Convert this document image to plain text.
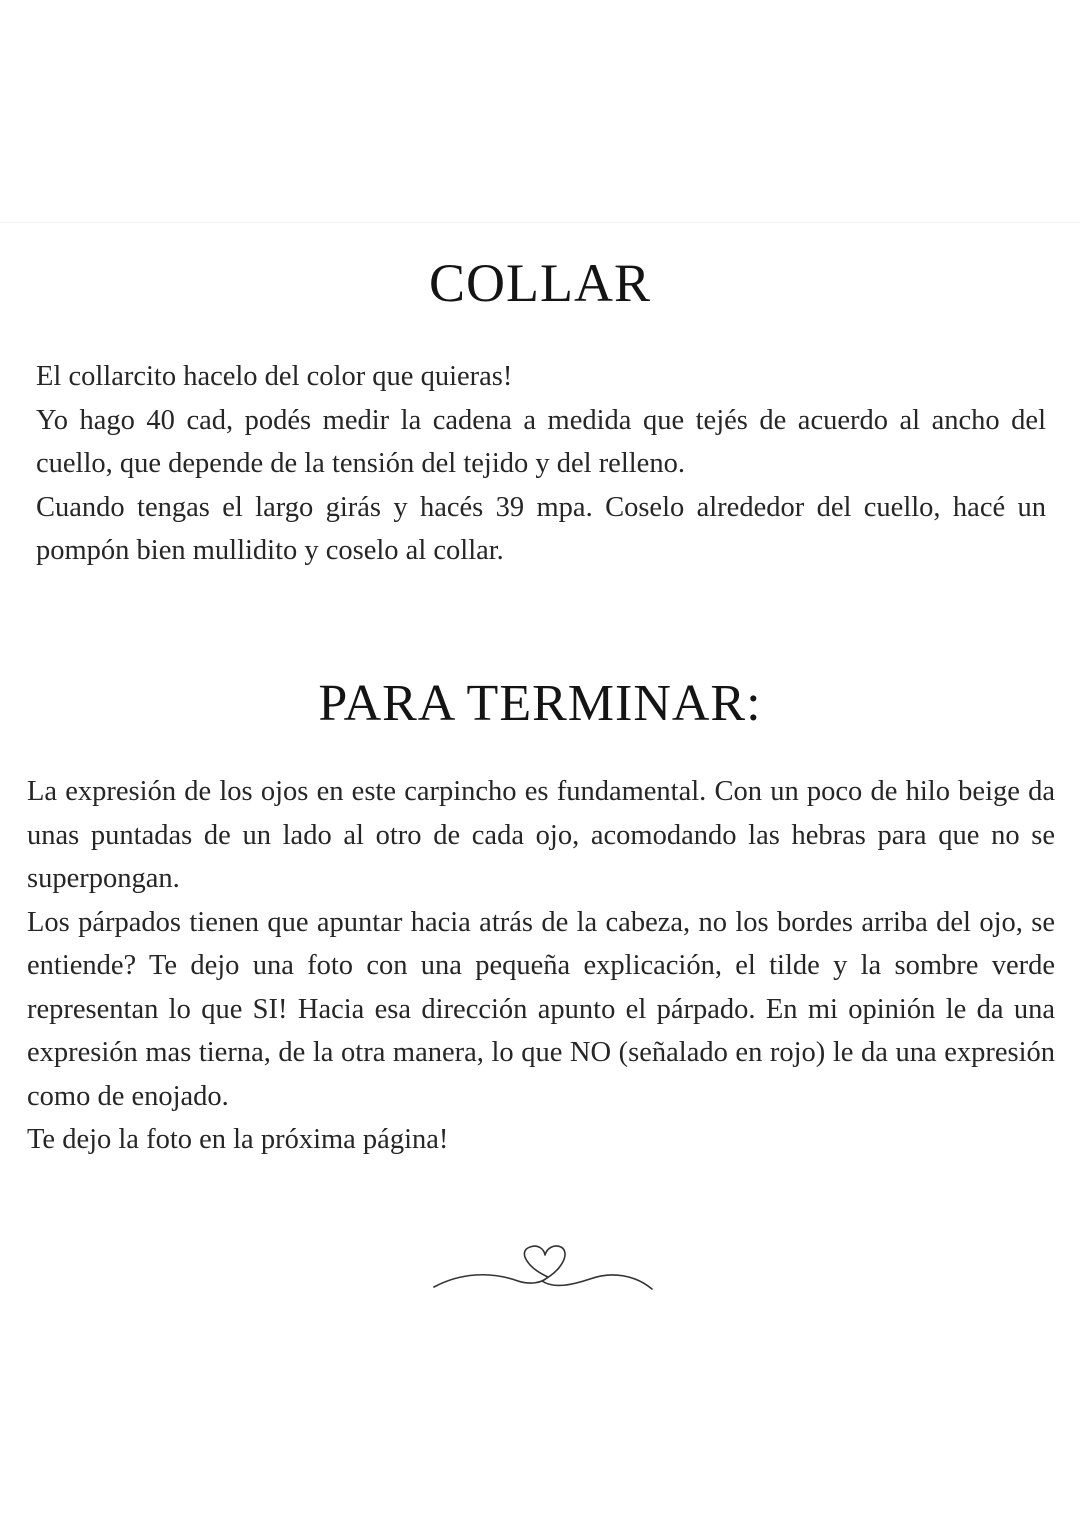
COLLAR

El collarcito hacelo del color que quieras!

Yo hago 40 cad, podés medir la cadena a medida que tejés de acuerdo al ancho del cuello, que depende de la tensión del tejido y del relleno.

Cuando tengas el largo girás y hacés 39 mpa. Coselo alrededor del cuello, hacé un pompón bien mullidito y coselo al collar.

PARA TERMINAR:

La expresión de los ojos en este carpincho es fundamental. Con un poco de hilo beige da unas puntadas de un lado al otro de cada ojo, acomodando las hebras para que no se superpongan.

Los párpados tienen que apuntar hacia atrás de la cabeza, no los bordes arriba del ojo, se entiende? Te dejo una foto con una pequeña explicación, el tilde y la sombre verde representan lo que SI! Hacia esa dirección apunto el párpado. En mi opinión le da una expresión mas tierna, de la otra manera, lo que NO (señalado en rojo) le da una expresión como de enojado.

Te dejo la foto en la próxima página!
